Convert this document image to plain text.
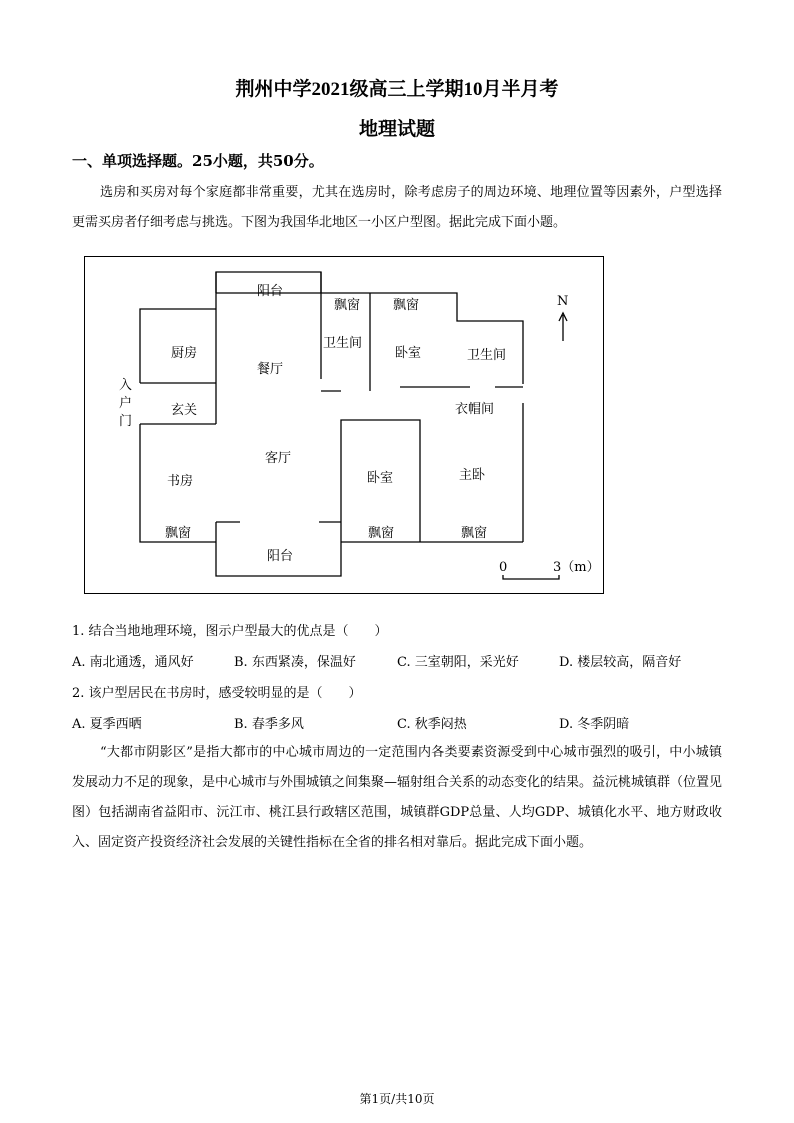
荆州中学2021级高三上学期10月半月考
地理试题
一、单项选择题。25小题，共50分。
选房和买房对每个家庭都非常重要，尤其在选房时，除考虑房子的周边环境、地理位置等因素外，户型选择更需买房者仔细考虑与挑选。下图为我国华北地区一小区户型图。据此完成下面小题。
阳台
飘窗	飘窗
厨房
餐厅
卫生间
卧室	卫生间
入 户 门
玄关	衣帽间
客厅
书房	卧室	主卧
飘窗	飘窗	飘窗
阳台
N
0	3（m）
1. 结合当地地理环境，图示户型最大的优点是（　　）
A. 南北通透，通风好	B. 东西紧凑，保温好	C. 三室朝阳，采光好	D. 楼层较高，隔音好
2. 该户型居民在书房时，感受较明显的是（　　）
A. 夏季西晒	B. 春季多风	C. 秋季闷热	D. 冬季阴暗
“大都市阴影区”是指大都市的中心城市周边的一定范围内各类要素资源受到中心城市强烈的吸引，中小城镇发展动力不足的现象，是中心城市与外围城镇之间集聚—辐射组合关系的动态变化的结果。益沅桃城镇群（位置见图）包括湖南省益阳市、沅江市、桃江县行政辖区范围，城镇群GDP总量、人均GDP、城镇化水平、地方财政收入、固定资产投资经济社会发展的关键性指标在全省的排名相对靠后。据此完成下面小题。
第1页/共10页
